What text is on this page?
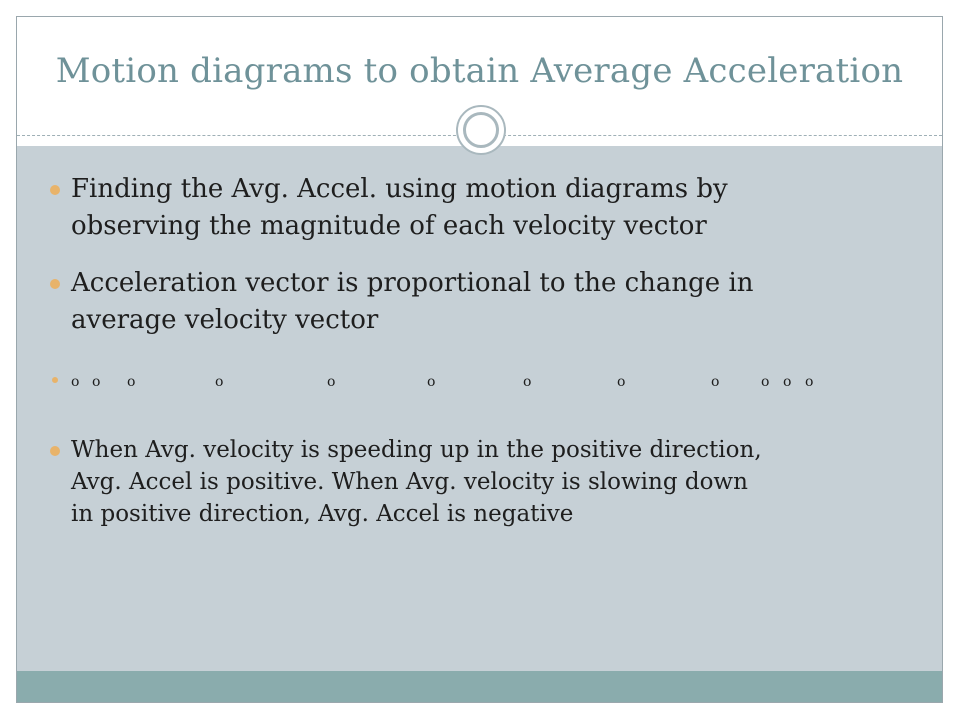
Motion diagrams to obtain Average Acceleration
Finding the Avg. Accel. using motion diagrams by
observing the magnitude of each velocity vector
Acceleration vector is proportional to the change in
average velocity vector
o o o	o	o	o	o	o	o	o o o
When Avg. velocity is speeding up in the positive direction,
Avg. Accel is positive. When Avg. velocity is slowing down
in positive direction, Avg. Accel is negative
